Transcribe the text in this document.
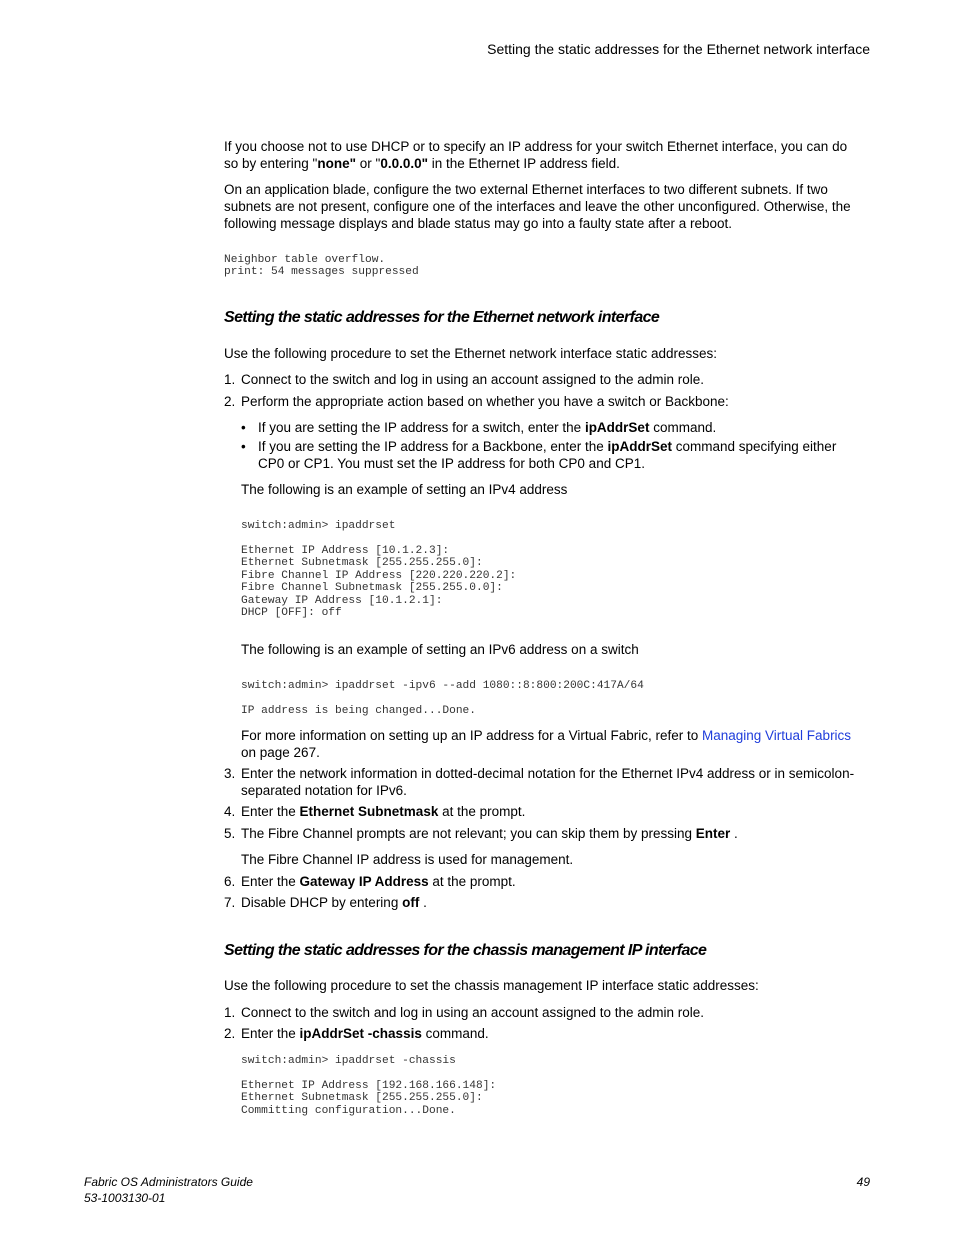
Setting the static addresses for the Ethernet network interface
If you choose not to use DHCP or to specify an IP address for your switch Ethernet interface, you can do so by entering "none" or "0.0.0.0" in the Ethernet IP address field.
On an application blade, configure the two external Ethernet interfaces to two different subnets. If two subnets are not present, configure one of the interfaces and leave the other unconfigured. Otherwise, the following message displays and blade status may go into a faulty state after a reboot.
Neighbor table overflow.
print: 54 messages suppressed
Setting the static addresses for the Ethernet network interface
Use the following procedure to set the Ethernet network interface static addresses:
1. Connect to the switch and log in using an account assigned to the admin role.
2. Perform the appropriate action based on whether you have a switch or Backbone:
• If you are setting the IP address for a switch, enter the ipAddrSet command.
• If you are setting the IP address for a Backbone, enter the ipAddrSet command specifying either CP0 or CP1. You must set the IP address for both CP0 and CP1.
The following is an example of setting an IPv4 address
switch:admin> ipaddrset
Ethernet IP Address [10.1.2.3]:
Ethernet Subnetmask [255.255.255.0]:
Fibre Channel IP Address [220.220.220.2]:
Fibre Channel Subnetmask [255.255.0.0]:
Gateway IP Address [10.1.2.1]:
DHCP [OFF]: off
The following is an example of setting an IPv6 address on a switch
switch:admin> ipaddrset -ipv6 --add 1080::8:800:200C:417A/64
IP address is being changed...Done.
For more information on setting up an IP address for a Virtual Fabric, refer to Managing Virtual Fabrics on page 267.
3. Enter the network information in dotted-decimal notation for the Ethernet IPv4 address or in semicolon-separated notation for IPv6.
4. Enter the Ethernet Subnetmask at the prompt.
5. The Fibre Channel prompts are not relevant; you can skip them by pressing Enter .
The Fibre Channel IP address is used for management.
6. Enter the Gateway IP Address at the prompt.
7. Disable DHCP by entering off .
Setting the static addresses for the chassis management IP interface
Use the following procedure to set the chassis management IP interface static addresses:
1. Connect to the switch and log in using an account assigned to the admin role.
2. Enter the ipAddrSet -chassis command.
switch:admin> ipaddrset -chassis
Ethernet IP Address [192.168.166.148]:
Ethernet Subnetmask [255.255.255.0]:
Committing configuration...Done.
Fabric OS Administrators Guide
53-1003130-01
49
